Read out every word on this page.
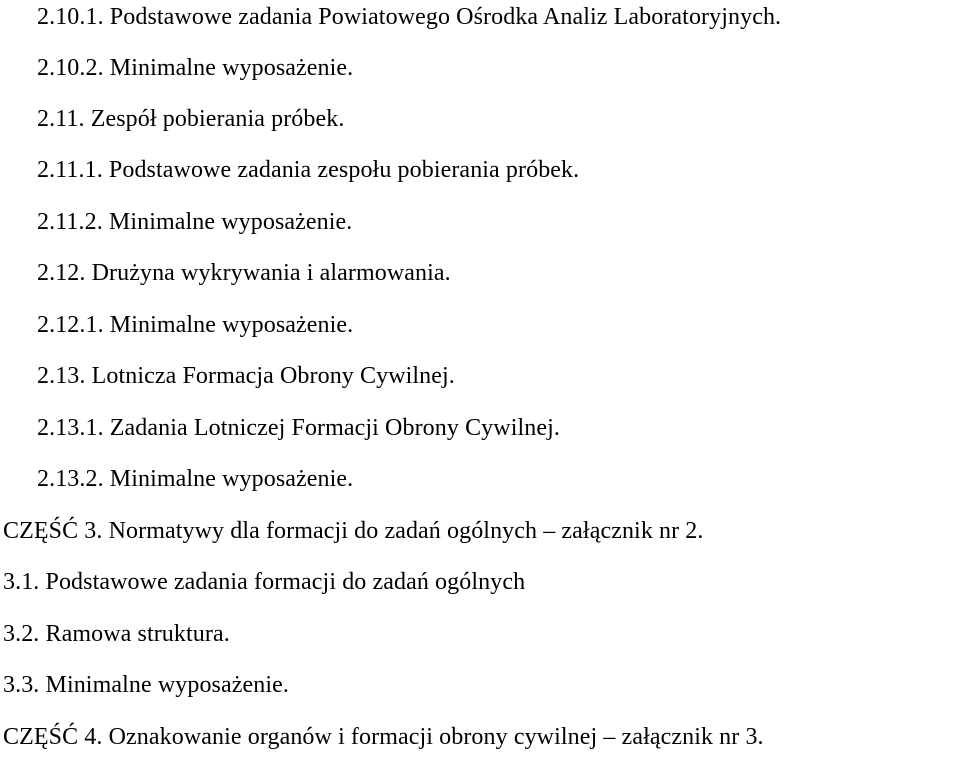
2.10.1. Podstawowe zadania Powiatowego Ośrodka Analiz Laboratoryjnych.
2.10.2. Minimalne wyposażenie.
2.11. Zespół pobierania próbek.
2.11.1. Podstawowe zadania zespołu pobierania próbek.
2.11.2. Minimalne wyposażenie.
2.12. Drużyna wykrywania i alarmowania.
2.12.1. Minimalne wyposażenie.
2.13. Lotnicza Formacja Obrony Cywilnej.
2.13.1. Zadania Lotniczej Formacji Obrony Cywilnej.
2.13.2. Minimalne wyposażenie.
CZĘŚĆ 3. Normatywy dla formacji do zadań ogólnych – załącznik nr 2.
3.1. Podstawowe zadania formacji do zadań ogólnych
3.2. Ramowa struktura.
3.3. Minimalne wyposażenie.
CZĘŚĆ 4. Oznakowanie organów i formacji obrony cywilnej – załącznik nr 3.
